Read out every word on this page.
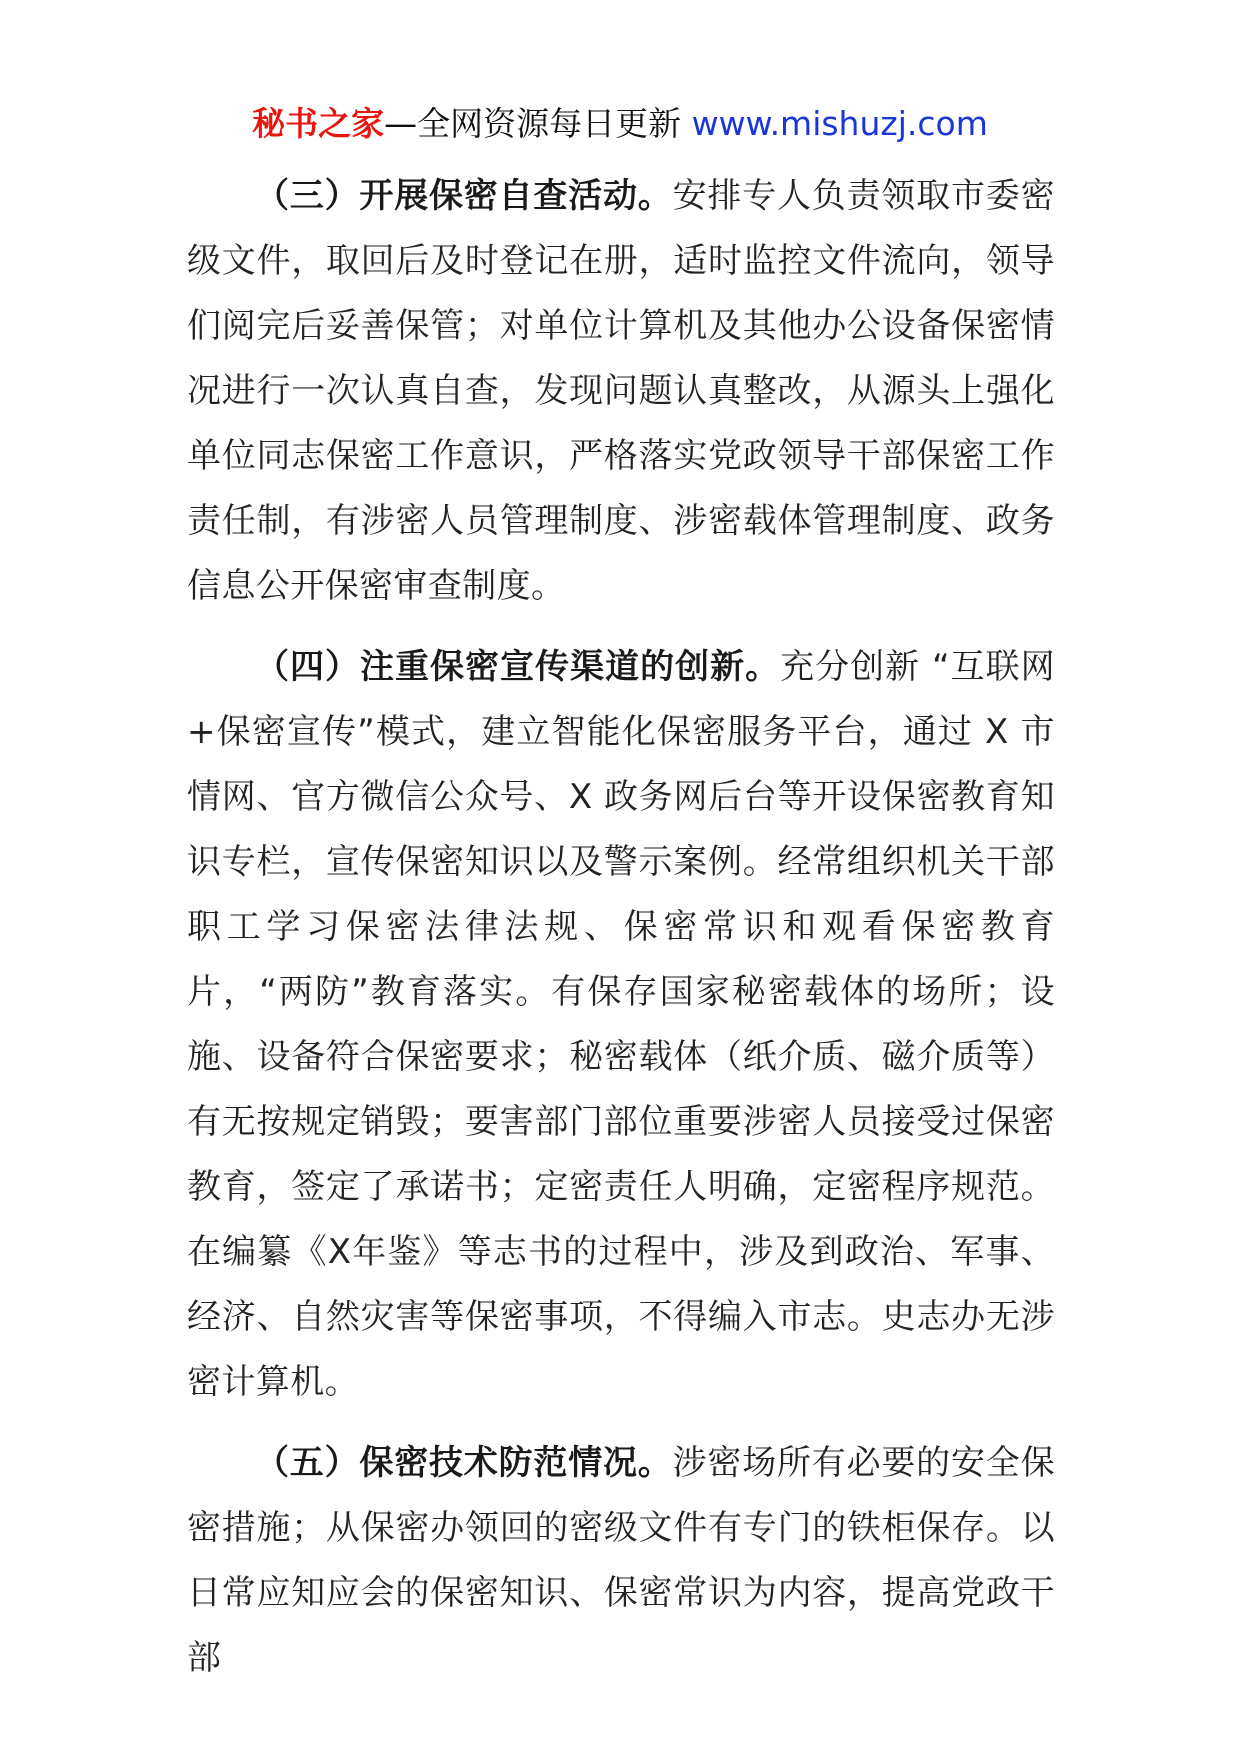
秘书之家—全网资源每日更新 www.mishuzj.com

（三）开展保密自查活动。安排专人负责领取市委密级文件，取回后及时登记在册，适时监控文件流向，领导们阅完后妥善保管；对单位计算机及其他办公设备保密情况进行一次认真自查，发现问题认真整改，从源头上强化单位同志保密工作意识，严格落实党政领导干部保密工作责任制，有涉密人员管理制度、涉密载体管理制度、政务信息公开保密审查制度。

（四）注重保密宣传渠道的创新。充分创新 “互联网+保密宣传”模式，建立智能化保密服务平台，通过 X 市情网、官方微信公众号、X 政务网后台等开设保密教育知识专栏，宣传保密知识以及警示案例。经常组织机关干部职工学习保密法律法规、保密常识和观看保密教育片，“两防”教育落实。有保存国家秘密载体的场所；设施、设备符合保密要求；秘密载体（纸介质、磁介质等）有无按规定销毁；要害部门部位重要涉密人员接受过保密教育，签定了承诺书；定密责任人明确，定密程序规范。在编纂《X年鉴》等志书的过程中，涉及到政治、军事、经济、自然灾害等保密事项，不得编入市志。史志办无涉密计算机。

（五）保密技术防范情况。涉密场所有必要的安全保密措施；从保密办领回的密级文件有专门的铁柜保存。以日常应知应会的保密知识、保密常识为内容，提高党政干部
